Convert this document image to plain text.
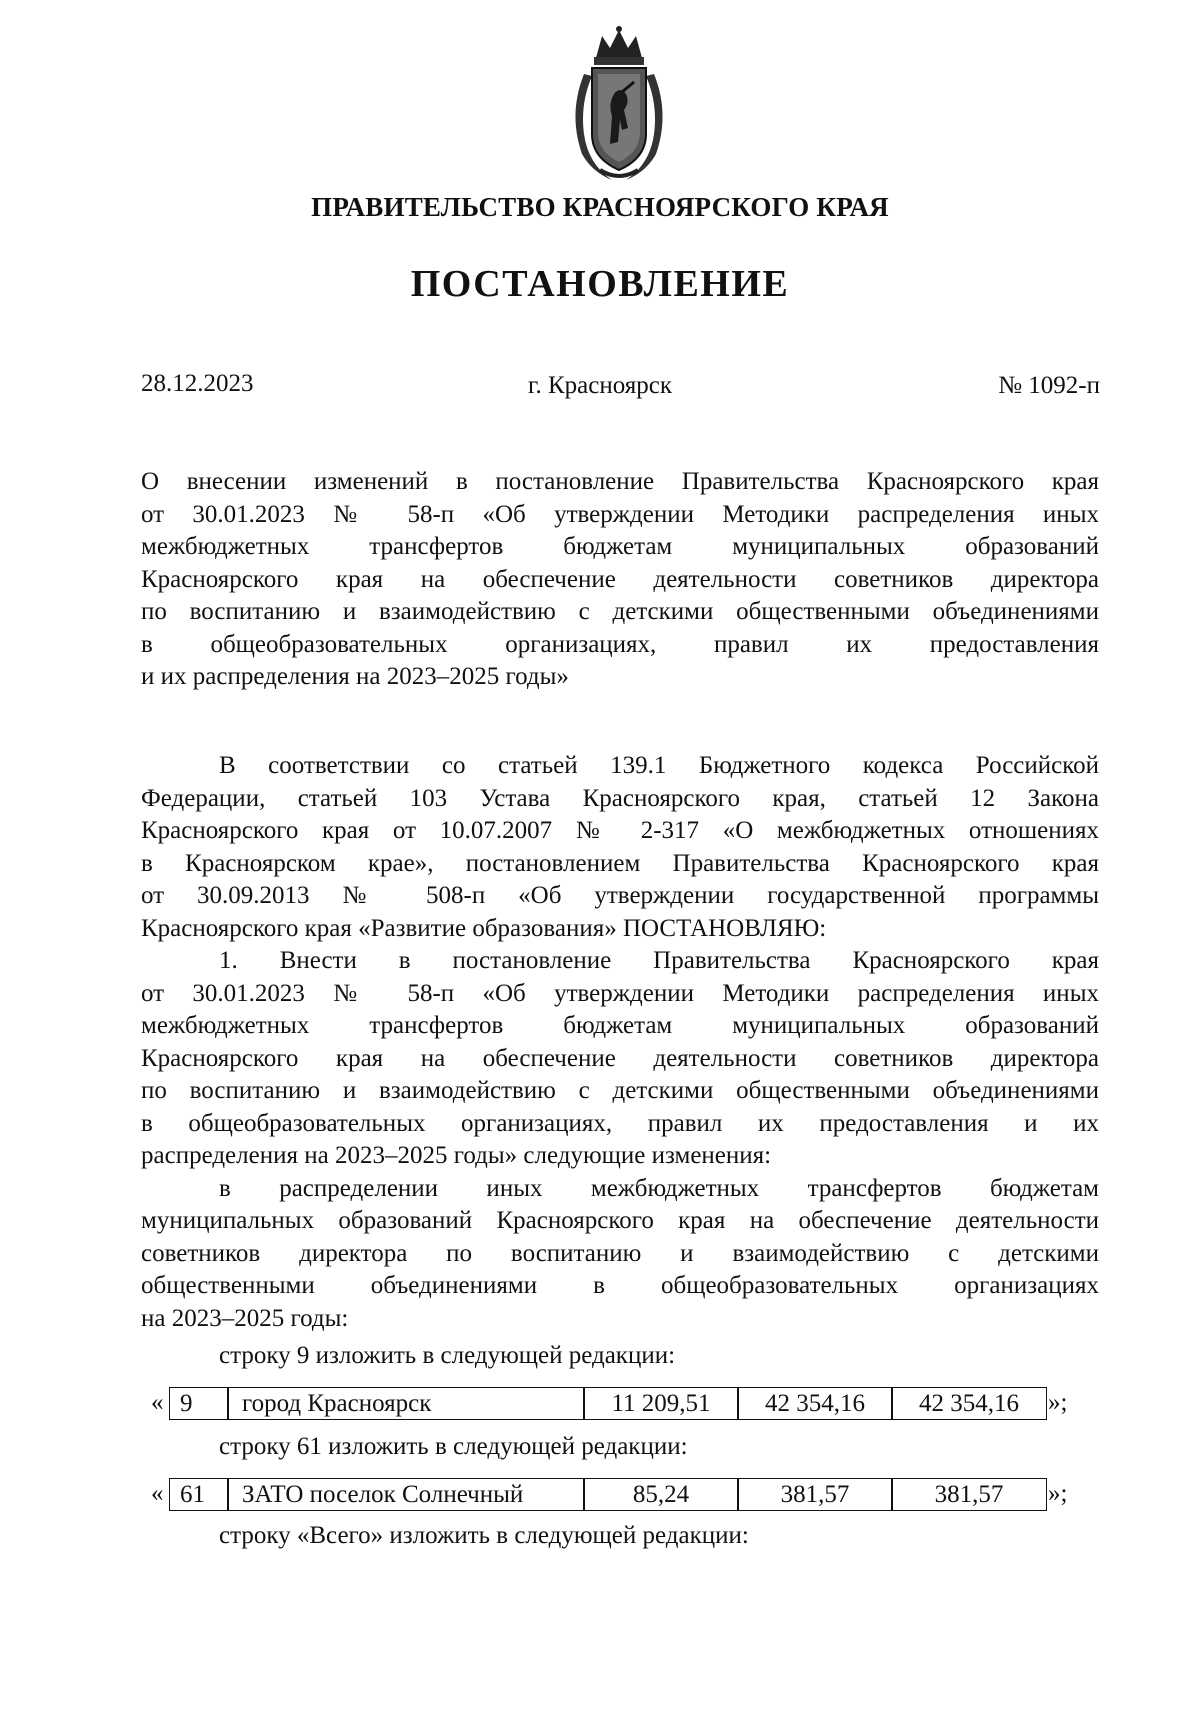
ПРАВИТЕЛЬСТВО КРАСНОЯРСКОГО КРАЯ
ПОСТАНОВЛЕНИЕ
28.12.2023	г. Красноярск	№ 1092-п
О внесении изменений в постановление Правительства Красноярского края
от 30.01.2023 № 58-п «Об утверждении Методики распределения иных
межбюджетных трансфертов бюджетам муниципальных образований
Красноярского края на обеспечение деятельности советников директора
по воспитанию и взаимодействию с детскими общественными объединениями
в общеобразовательных организациях, правил их предоставления
и их распределения на 2023–2025 годы»
В соответствии со статьей 139.1 Бюджетного кодекса Российской
Федерации, статьей 103 Устава Красноярского края, статьей 12 Закона
Красноярского края от 10.07.2007 № 2-317 «О межбюджетных отношениях
в Красноярском крае», постановлением Правительства Красноярского края
от 30.09.2013 № 508-п «Об утверждении государственной программы
Красноярского края «Развитие образования» ПОСТАНОВЛЯЮ:
1. Внести в постановление Правительства Красноярского края
от 30.01.2023 № 58-п «Об утверждении Методики распределения иных
межбюджетных трансфертов бюджетам муниципальных образований
Красноярского края на обеспечение деятельности советников директора
по воспитанию и взаимодействию с детскими общественными объединениями
в общеобразовательных организациях, правил их предоставления и их
распределения на 2023–2025 годы» следующие изменения:
в распределении иных межбюджетных трансфертов бюджетам
муниципальных образований Красноярского края на обеспечение деятельности
советников директора по воспитанию и взаимодействию с детскими
общественными объединениями в общеобразовательных организациях
на 2023–2025 годы:
строку 9 изложить в следующей редакции:
« 9	город Красноярск	11 209,51	42 354,16	42 354,16	»;
строку 61 изложить в следующей редакции:
« 61	ЗАТО поселок Солнечный	85,24	381,57	381,57	»;
строку «Всего» изложить в следующей редакции:
